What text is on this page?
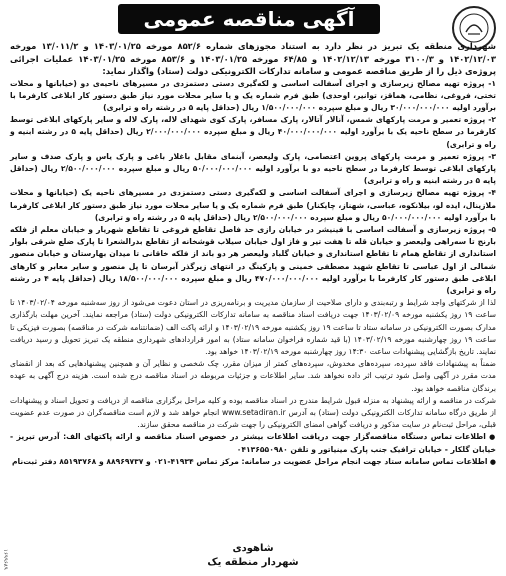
آگهی مناقصه عمومی

شهرداری منطقه یک تبریز در نظر دارد به استناد مجوزهای شماره ۸۵۲/۶ مورخه ۱۴۰۳/۰۱/۲۵ و ۱۳/۰۱۱/۲ مورخه ۱۴۰۲/۱۲/۰۳ و ۳۱۰۰/۳ مورخه ۱۴۰۲/۱۲/۱۳ و ۶۴/۸۵ مورخه ۱۴۰۳/۰۱/۲۵ و ۸۵۳/۶ مورخه ۱۴۰۳/۰۱/۲۵ عملیات اجرائی پروژه‌ی ذیل را از طریق مناقصه عمومی و سامانه تدارکات الکترونیکی دولت (ستاد) واگذار نماید:

۱- پروژه تهیه مصالح زیرسازی و اجرای آسفالت اساسی و لکه‌گیری دستی دستمزدی در مسیرهای ناحیه‌ی دو (خیابانها و محلات تختی، فروغی، نظامی، هماقز، توانیر، اوحدی) طبق فرم شماره یک و یا سایر محلات مورد نیاز طبق دستور کار ابلاغی کارفرما با برآورد اولیه ۳۰/۰۰۰/۰۰۰/۰۰۰ ریال و مبلغ سپرده ۱/۵۰۰/۰۰۰/۰۰۰ ریال (حداقل پایه ۵ در رشته راه و ترابری)

۲- پروژه تعمیر و مرمت پارکهای شمس، آنالار آتالار، پارک مسافر، پارک کوی شهدای لاله، پارک لاله و سایر پارکهای ابلاغی توسط کارفرما در سطح ناحیه یک با برآورد اولیه ۴۰/۰۰۰/۰۰۰/۰۰۰ ریال و مبلغ سپرده ۲/۰۰۰/۰۰۰/۰۰۰ ریال (حداقل پایه ۵ در رشته ابنیه و راه و ترابری)

۳- پروژه تعمیر و مرمت پارکهای پروین اعتصامی، پارک ولیعصر، آبنمای مقابل باغلار باغی و پارک یاس و پارک صدف و سایر پارکهای ابلاغی توسط کارفرما در سطح ناحیه دو با برآورد اولیه ۵۰/۰۰۰/۰۰۰/۰۰۰ ریال و مبلغ سپرده ۲/۵۰۰/۰۰۰/۰۰۰ ریال (حداقل پایه ۵ در رشته ابنیه و راه و ترابری)

۴- پروژه تهیه مصالح زیرسازی و اجرای آسفالت اساسی و لکه‌گیری دستی دستمزدی در مسیرهای ناحیه یک (خیابانها و محلات ملازینال، ایده لو، بیلانکوه، عباسی، شهناز، چایکنار) طبق فرم شماره یک و یا سایر محلات مورد نیاز طبق دستور کار ابلاغی کارفرما با برآورد اولیه ۵۰/۰۰۰/۰۰۰/۰۰۰ ریال و مبلغ سپرده ۲/۵۰۰/۰۰۰/۰۰۰ ریال (حداقل پایه ۵ در رشته راه و ترابری)

۵- پروژه زیرسازی و آسفالت اساسی با فینیشر در خیابان رازی حد فاصل تقاطع فروغی تا تقاطع شهریار و خیابان معلم از فلکه بارنج تا سه‌راهی ولیعصر و خیابان قله تا هفت تیر و فاز اول خیابان سیلاب قوشخانه از تقاطع بدرالشعرا تا پارک ضلع شرقی بلوار استانداری از تقاطع همام تا تقاطع استانداری و خیابان گلباد ولیعصر هر دو باند از فلکه خاقانی تا میدان بهارستان و خیابان منصور شمالی از اول عباسی تا تقاطع شهید مصطفی خمینی و پارکینگ در انتهای زیرگذر آبرسان تا پل منصور و سایر معابر و کارهای ابلاغی طبق دستور کار کارفرما با برآورد اولیه ۴۷۰/۰۰۰/۰۰۰/۰۰۰ ریال و مبلغ سپرده ۱۸/۵۰۰/۰۰۰/۰۰۰ ریال (حداقل پایه ۴ در رشته راه و ترابری)

لذا از شرکتهای واجد شرایط و رتبه‌بندی و دارای صلاحیت از سازمان مدیریت و برنامه‌ریزی در استان دعوت می‌شود از روز سه‌شنبه مورخه ۱۴۰۳/۰۲/۰۴ تا ساعت ۱۹ روز یکشنبه مورخه ۱۴۰۳/۰۲/۰۹ جهت دریافت اسناد مناقصه به سامانه تدارکات الکترونیکی دولت (ستاد) مراجعه نمایند. آخرین مهلت بارگذاری مدارک بصورت الکترونیکی در سامانه ستاد تا ساعت ۱۹ روز یکشنبه مورخه ۱۴۰۳/۰۲/۱۹ و ارائه پاکت الف (ضمانتنامه شرکت در مناقصه) بصورت فیزیکی تا ساعت ۱۹ روز چهارشنبه مورخه ۱۴۰۳/۰۲/۱۹ (با قید شماره فراخوان سامانه ستاد) به امور قراردادهای شهرداری منطقه یک تبریز تحویل و رسید دریافت نمایند. تاریخ بازگشایی پیشنهادات ساعت ۱۴:۳۰ روز چهارشنبه مورخه ۱۴۰۳/۰۲/۱۹ خواهد بود.

ضمناً به پیشنهادات فاقد سپرده، سپرده‌های مخدوش، سپرده‌های کمتر از میزان مقرر، چک شخصی و نظایر آن و همچنین پیشنهادهایی که بعد از انقضای مدت مقرر در آگهی واصل شود ترتیب اثر داده نخواهد شد. سایر اطلاعات و جزئیات مربوطه در اسناد مناقصه درج شده است. هزینه درج آگهی به عهده برندگان مناقصه خواهد بود.

شرکت در مناقصه و ارائه پیشنهاد به منزله قبول شرایط مندرج در اسناد مناقصه بوده و کلیه مراحل برگزاری مناقصه از دریافت و تحویل اسناد و پیشنهادات از طریق درگاه سامانه تدارکات الکترونیکی دولت (ستاد) به آدرس www.setadiran.ir انجام خواهد شد و لازم است مناقصه‌گران در صورت عدم عضویت قبلی، مراحل ثبت‌نام در سایت مذکور و دریافت گواهی امضای الکترونیکی را جهت شرکت در مناقصه محقق سازند.

● اطلاعات تماس دستگاه مناقصه‌گزار جهت دریافت اطلاعات بیشتر در خصوص اسناد مناقصه و ارائه پاکتهای الف: آدرس تبریز - خیابان گلکار - خیابان ترافیک جنب پارک مینیاتور و تلفن ۰۴۱۳۶۵۵۰۹۸۰

● اطلاعات تماس سامانه ستاد جهت انجام مراحل عضویت در سامانه: مرکز تماس ۴۱۹۳۴-۰۲۱ و ۸۸۹۶۹۷۳۷ و ۸۵۱۹۳۷۶۸ دفتر ثبت‌نام

شاهودی
شهردار منطقه یک
۱۶۹۹۶۸۹
